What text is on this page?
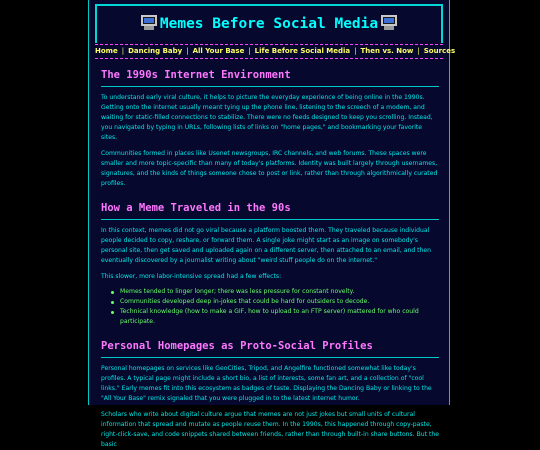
Memes Before Social Media
Home | Dancing Baby | All Your Base | Life Before Social Media | Then vs. Now | Sources
The 1990s Internet Environment

To understand early viral culture, it helps to picture the everyday experience of being online in the 1990s. Getting onto the internet usually meant tying up the phone line, listening to the screech of a modem, and waiting for static-filled connections to stabilize. There were no feeds designed to keep you scrolling. Instead, you navigated by typing in URLs, following lists of links on "home pages," and bookmarking your favorite sites.

Communities formed in places like Usenet newsgroups, IRC channels, and web forums. These spaces were smaller and more topic-specific than many of today's platforms. Identity was built largely through usernames, signatures, and the kinds of things someone chose to post or link, rather than through algorithmically curated profiles.

How a Meme Traveled in the 90s

In this context, memes did not go viral because a platform boosted them. They traveled because individual people decided to copy, reshare, or forward them. A single joke might start as an image on somebody's personal site, then get saved and uploaded again on a different server, then attached to an email, and then eventually discovered by a journalist writing about "weird stuff people do on the internet."

This slower, more labor-intensive spread had a few effects:

Memes tended to linger longer; there was less pressure for constant novelty.
Communities developed deep in-jokes that could be hard for outsiders to decode.
Technical knowledge (how to make a GIF, how to upload to an FTP server) mattered for who could participate.
Personal Homepages as Proto-Social Profiles

Personal homepages on services like GeoCities, Tripod, and Angelfire functioned somewhat like today's profiles. A typical page might include a short bio, a list of interests, some fan art, and a collection of "cool links." Early memes fit into this ecosystem as badges of taste. Displaying the Dancing Baby or linking to the "All Your Base" remix signaled that you were plugged in to the latest internet humor.

Scholars who write about digital culture argue that memes are not just jokes but small units of cultural information that spread and mutate as people reuse them. In the 1990s, this happened through copy-paste, right-click-save, and code snippets shared between friends, rather than through built-in share buttons. But the basic
